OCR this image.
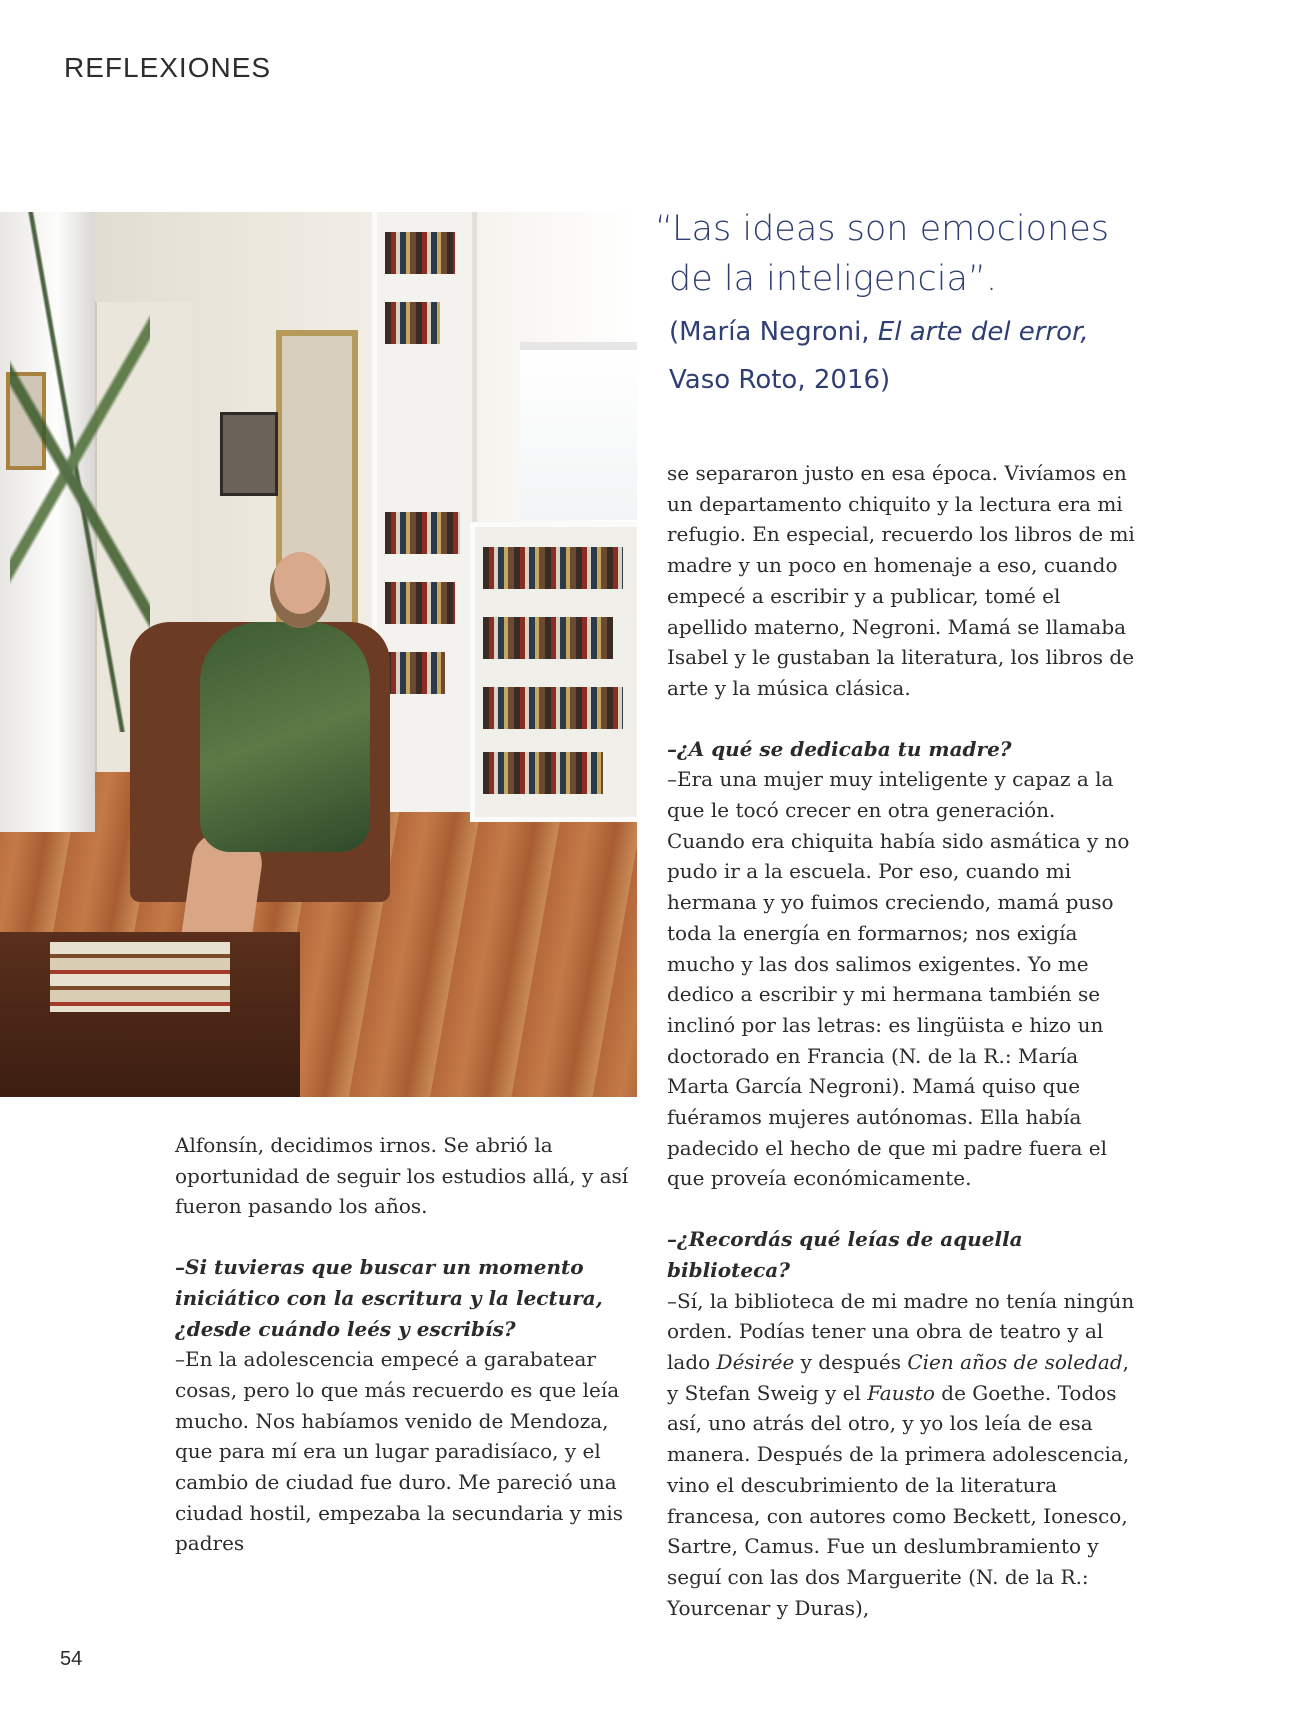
REFLEXIONES
“Las ideas son emociones
de la inteligencia”.
(María Negroni, El arte del error,
Vaso Roto, 2016)

Alfonsín, decidimos irnos. Se abrió la oportunidad de seguir los estudios allá, y así fueron pasando los años.

–Si tuvieras que buscar un momento iniciático con la escritura y la lectura, ¿desde cuándo leés y escribís?

–En la adolescencia empecé a garabatear cosas, pero lo que más recuerdo es que leía mucho. Nos habíamos venido de Mendoza, que para mí era un lugar paradisíaco, y el cambio de ciudad fue duro. Me pareció una ciudad hostil, empezaba la secundaria y mis padres

se separaron justo en esa época. Vivíamos en un departamento chiquito y la lectura era mi refugio. En especial, recuerdo los libros de mi madre y un poco en homenaje a eso, cuando empecé a escribir y a publicar, tomé el apellido materno, Negroni. Mamá se llamaba Isabel y le gustaban la literatura, los libros de arte y la música clásica.

–¿A qué se dedicaba tu madre?

–Era una mujer muy inteligente y capaz a la que le tocó crecer en otra generación. Cuando era chiquita había sido asmática y no pudo ir a la escuela. Por eso, cuando mi hermana y yo fuimos creciendo, mamá puso toda la energía en formarnos; nos exigía mucho y las dos salimos exigentes. Yo me dedico a escribir y mi hermana también se inclinó por las letras: es lingüista e hizo un doctorado en Francia (N. de la R.: María Marta García Negroni). Mamá quiso que fuéramos mujeres autónomas. Ella había padecido el hecho de que mi padre fuera el que proveía económicamente.

–¿Recordás qué leías de aquella biblioteca?

–Sí, la biblioteca de mi madre no tenía ningún orden. Podías tener una obra de teatro y al lado Désirée y después Cien años de soledad, y Stefan Sweig y el Fausto de Goethe. Todos así, uno atrás del otro, y yo los leía de esa manera. Después de la primera adolescencia, vino el descubrimiento de la literatura francesa, con autores como Beckett, Ionesco, Sartre, Camus. Fue un deslumbramiento y seguí con las dos Marguerite (N. de la R.: Yourcenar y Duras),

54
